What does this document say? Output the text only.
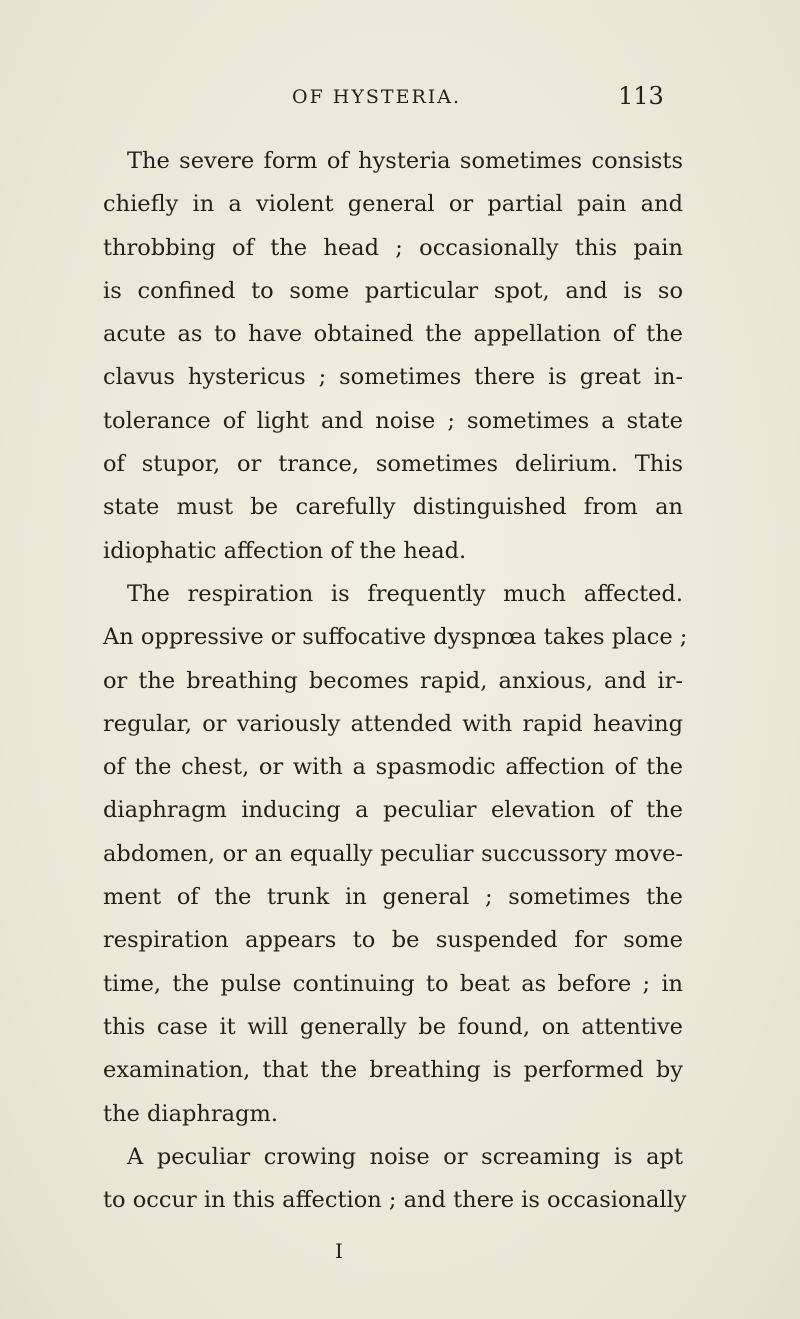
OF HYSTERIA.	113
The severe form of hysteria sometimes consists
chiefly in a violent general or partial pain and
throbbing of the head ; occasionally this pain
is confined to some particular spot, and is so
acute as to have obtained the appellation of the
clavus hystericus ; sometimes there is great in-
tolerance of light and noise ; sometimes a state
of stupor, or trance, sometimes delirium. This
state must be carefully distinguished from an
idiophatic affection of the head.
The respiration is frequently much affected.
An oppressive or suffocative dyspnœa takes place ;
or the breathing becomes rapid, anxious, and ir-
regular, or variously attended with rapid heaving
of the chest, or with a spasmodic affection of the
diaphragm inducing a peculiar elevation of the
abdomen, or an equally peculiar succussory move-
ment of the trunk in general ; sometimes the
respiration appears to be suspended for some
time, the pulse continuing to beat as before ; in
this case it will generally be found, on attentive
examination, that the breathing is performed by
the diaphragm.
A peculiar crowing noise or screaming is apt
to occur in this affection ; and there is occasionally
I
